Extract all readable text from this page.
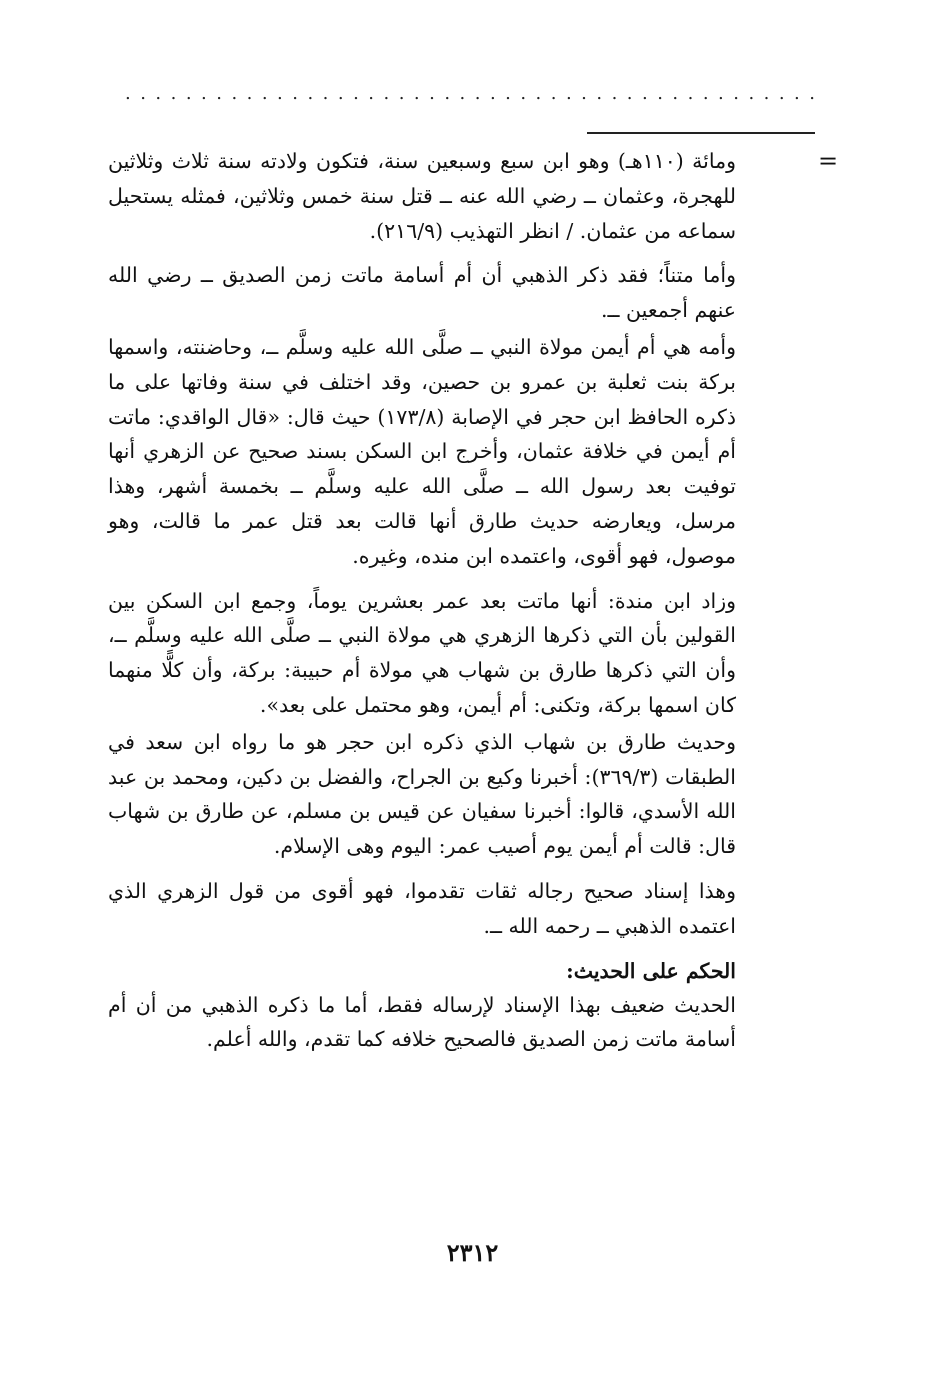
. . . . . . . . . . . . . . . . . . . . . . . . . . . . . . . . . . . . . . . . . . . . . .
=

ومائة (١١٠هـ) وهو ابن سبع وسبعين سنة، فتكون ولادته سنة ثلاث وثلاثين للهجرة، وعثمان ــ رضي الله عنه ــ قتل سنة خمس وثلاثين، فمثله يستحيل سماعه من عثمان. / انظر التهذيب (٢١٦/٩).

وأما متناً؛ فقد ذكر الذهبي أن أم أسامة ماتت زمن الصديق ــ رضي الله عنهم أجمعين ــ.

وأمه هي أم أيمن مولاة النبي ــ صلَّى الله عليه وسلَّم ــ، وحاضنته، واسمها بركة بنت ثعلبة بن عمرو بن حصين، وقد اختلف في سنة وفاتها على ما ذكره الحافظ ابن حجر في الإصابة (١٧٣/٨) حيث قال: «قال الواقدي: ماتت أم أيمن في خلافة عثمان، وأخرج ابن السكن بسند صحيح عن الزهري أنها توفيت بعد رسول الله ــ صلَّى الله عليه وسلَّم ــ بخمسة أشهر، وهذا مرسل، ويعارضه حديث طارق أنها قالت بعد قتل عمر ما قالت، وهو موصول، فهو أقوى، واعتمده ابن منده، وغيره.

وزاد ابن مندة: أنها ماتت بعد عمر بعشرين يوماً، وجمع ابن السكن بين القولين بأن التي ذكرها الزهري هي مولاة النبي ــ صلَّى الله عليه وسلَّم ــ، وأن التي ذكرها طارق بن شهاب هي مولاة أم حبيبة: بركة، وأن كلًّا منهما كان اسمها بركة، وتكنى: أم أيمن، وهو محتمل على بعد».

وحديث طارق بن شهاب الذي ذكره ابن حجر هو ما رواه ابن سعد في الطبقات (٣٦٩/٣): أخبرنا وكيع بن الجراح، والفضل بن دكين، ومحمد بن عبد الله الأسدي، قالوا: أخبرنا سفيان عن قيس بن مسلم، عن طارق بن شهاب قال: قالت أم أيمن يوم أصيب عمر: اليوم وهى الإسلام.

وهذا إسناد صحيح رجاله ثقات تقدموا، فهو أقوى من قول الزهري الذي اعتمده الذهبي ــ رحمه الله ــ.

الحكم على الحديث:

الحديث ضعيف بهذا الإسناد لإرساله فقط، أما ما ذكره الذهبي من أن أم أسامة ماتت زمن الصديق فالصحيح خلافه كما تقدم، والله أعلم.

٢٣١٢
